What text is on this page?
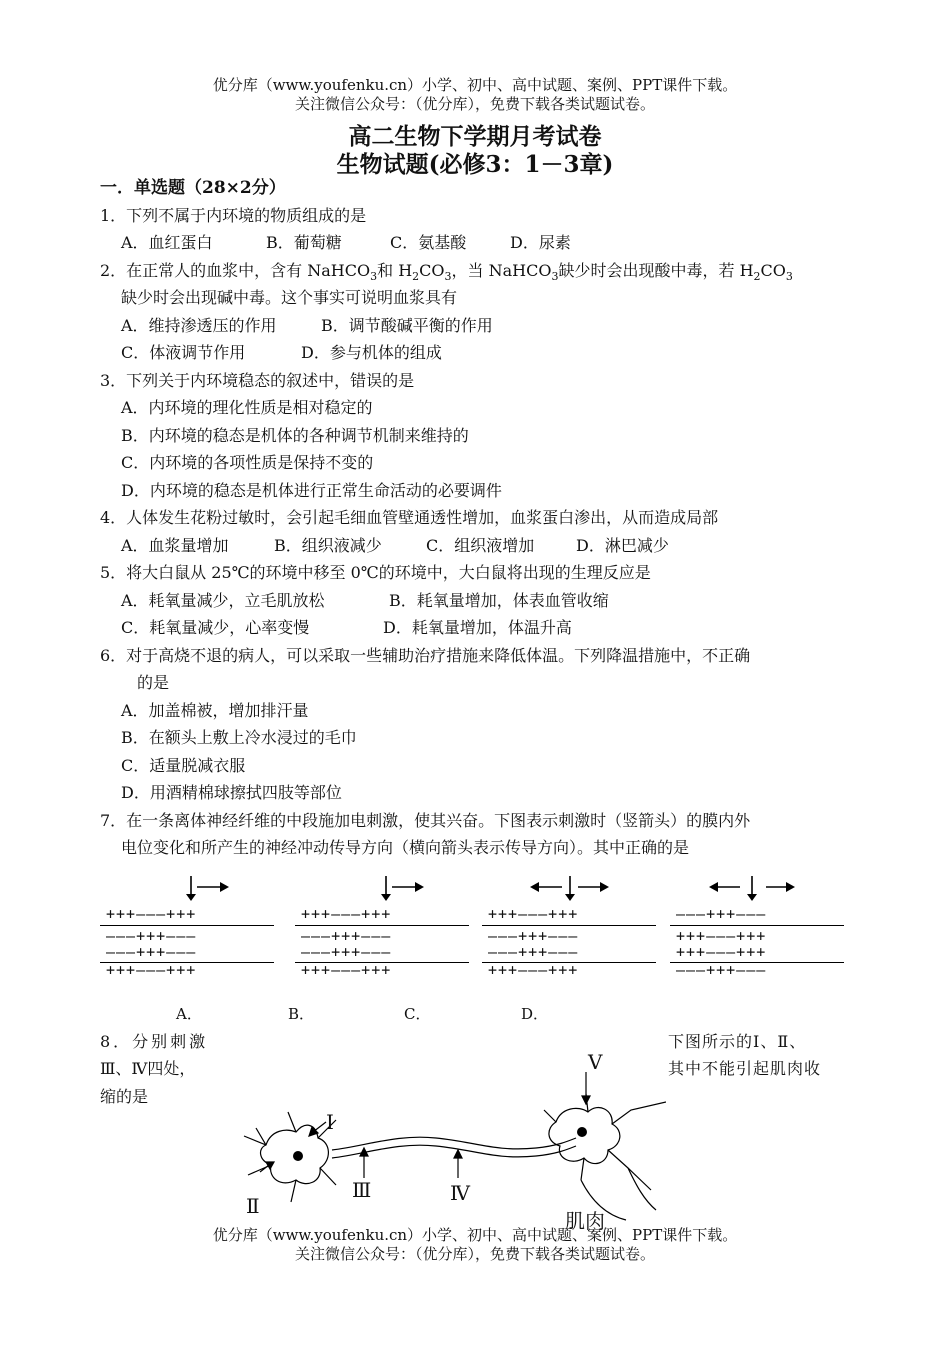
优分库（www.youfenku.cn）小学、初中、高中试题、案例、PPT课件下载。
关注微信公众号：（优分库），免费下载各类试题试卷。
高二生物下学期月考试卷
生物试题(必修3：1－3章)
一．单选题（28×2分）
1．下列不属于内环境的物质组成的是
A．血红蛋白	B．葡萄糖	C．氨基酸	D．尿素
2．在正常人的血浆中，含有 NaHCO$_3$和 $H_2CO_3$，当 NaHCO$_3$缺少时会出现酸中毒，若 $H_2CO_3$
缺少时会出现碱中毒。这个事实可说明血浆具有
A．维持渗透压的作用	B．调节酸碱平衡的作用
C．体液调节作用	D．参与机体的组成
3．下列关于内环境稳态的叙述中，错误的是
A．内环境的理化性质是相对稳定的
B．内环境的稳态是机体的各种调节机制来维持的
C．内环境的各项性质是保持不变的
D．内环境的稳态是机体进行正常生命活动的必要调件
4．人体发生花粉过敏时，会引起毛细血管壁通透性增加，血浆蛋白渗出，从而造成局部
A．血浆量增加	B．组织液减少	C．组织液增加	D．淋巴减少
5．将大白鼠从 25℃的环境中移至 0℃的环境中，大白鼠将出现的生理反应是
A．耗氧量减少，立毛肌放松	B．耗氧量增加，体表血管收缩
C．耗氧量减少，心率变慢	D．耗氧量增加，体温升高
6．对于高烧不退的病人，可以采取一些辅助治疗措施来降低体温。下列降温措施中，不正确
的是
A．加盖棉被，增加排汗量
B．在额头上敷上冷水浸过的毛巾
C．适量脱减衣服
D．用酒精棉球擦拭四肢等部位
7．在一条离体神经纤维的中段施加电刺激，使其兴奋。下图表示刺激时（竖箭头）的膜内外
电位变化和所产生的神经冲动传导方向（横向箭头表示传导方向）。其中正确的是
+++———+++
———+++———
———+++———
+++———+++
+++———+++
———+++———
———+++———
+++———+++
+++———+++
———+++———
———+++———
+++———+++
———+++———
+++———+++
+++———+++
———+++———
A．	B．	C．	D．
8．分别刺激	下图所示的Ⅰ、Ⅱ、
Ⅲ、Ⅳ四处，	其中不能引起肌肉收
缩的是
Ⅰ
Ⅱ
Ⅲ	Ⅳ
Ⅴ
肌肉
优分库（www.youfenku.cn）小学、初中、高中试题、案例、PPT课件下载。
关注微信公众号：（优分库），免费下载各类试题试卷。
